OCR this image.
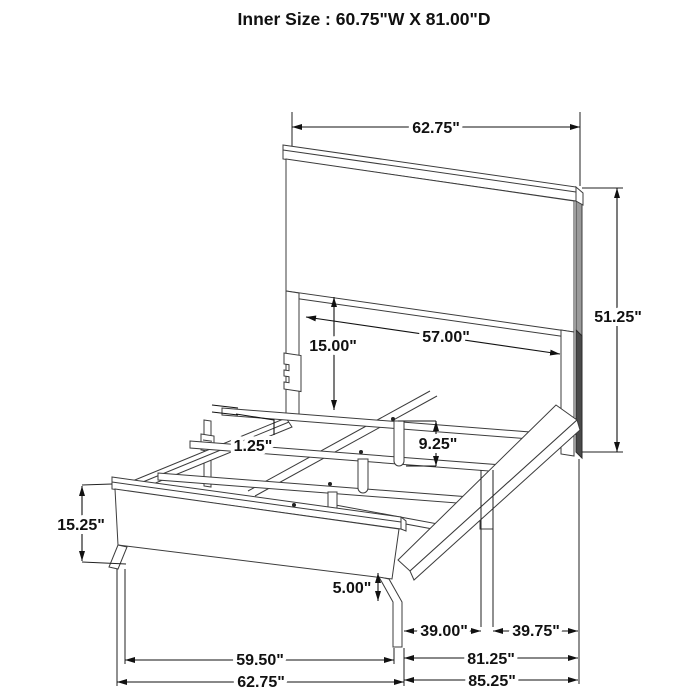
Inner Size : 60.75"W X 81.00"D
62.75"
51.25"
57.00"
15.00"
1.25"	9.25"
15.25"
5.00"
39.00"	39.75"
59.50"	81.25"
62.75"	85.25"
